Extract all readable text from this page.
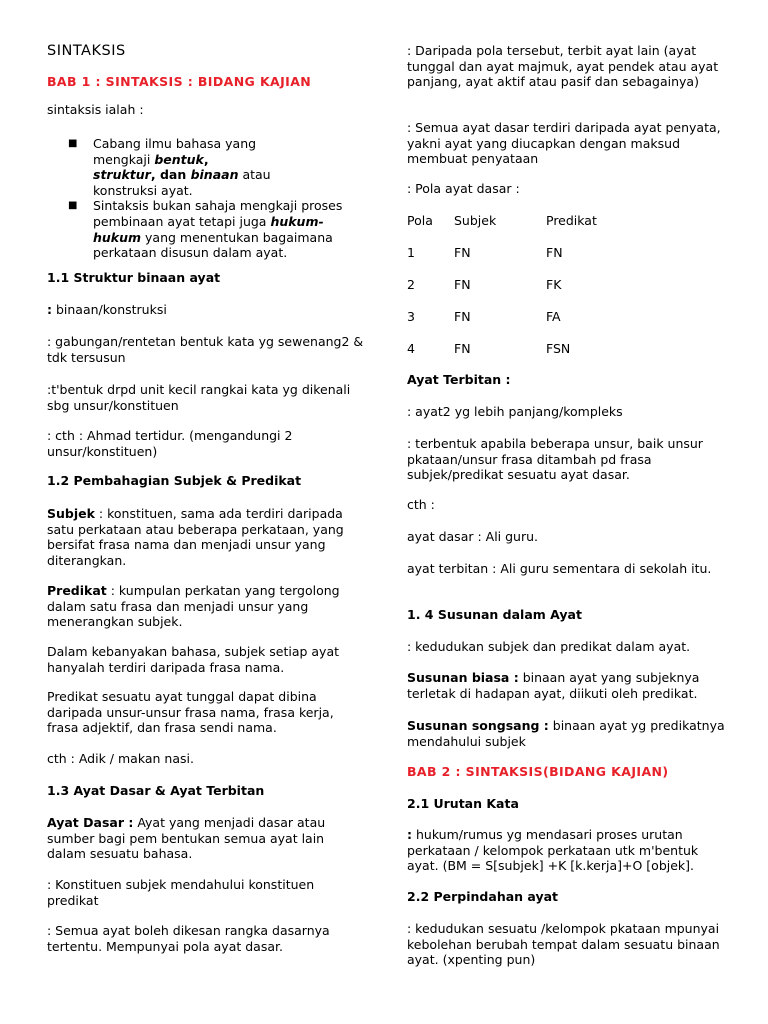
SINTAKSIS

BAB 1 : SINTAKSIS : BIDANG KAJIAN

sintaksis ialah :

■ Cabang ilmu bahasa yang mengkaji bentuk,
struktur, dan binaan atau konstruksi ayat.
■ Sintaksis bukan sahaja mengkaji proses pembinaan ayat tetapi juga hukum-hukum yang menentukan bagaimana perkataan disusun dalam ayat.

1.1 Struktur binaan ayat

: binaan/konstruksi

: gabungan/rentetan bentuk kata yg sewenang2 & tdk tersusun

:t'bentuk drpd unit kecil rangkai kata yg dikenali sbg unsur/konstituen

: cth : Ahmad tertidur. (mengandungi 2 unsur/konstituen)

1.2 Pembahagian Subjek & Predikat

Subjek : konstituen, sama ada terdiri daripada satu perkataan atau beberapa perkataan, yang bersifat frasa nama dan menjadi unsur yang diterangkan.

Predikat : kumpulan perkatan yang tergolong dalam satu frasa dan menjadi unsur yang menerangkan subjek.

Dalam kebanyakan bahasa, subjek setiap ayat hanyalah terdiri daripada frasa nama.

Predikat sesuatu ayat tunggal dapat dibina daripada unsur-unsur frasa nama, frasa kerja, frasa adjektif, dan frasa sendi nama.

cth : Adik / makan nasi.

1.3 Ayat Dasar & Ayat Terbitan

Ayat Dasar : Ayat yang menjadi dasar atau sumber bagi pem bentukan semua ayat lain dalam sesuatu bahasa.

: Konstituen subjek mendahului konstituen predikat

: Semua ayat boleh dikesan rangka dasarnya tertentu. Mempunyai pola ayat dasar.

: Daripada pola tersebut, terbit ayat lain (ayat tunggal dan ayat majmuk, ayat pendek atau ayat panjang, ayat aktif atau pasif dan sebagainya)

: Semua ayat dasar terdiri daripada ayat penyata, yakni ayat yang diucapkan dengan maksud membuat penyataan

: Pola ayat dasar :

Pola Subjek	Predikat
1	FN	FN
2	FN	FK
3	FN	FA
4	FN	FSN

Ayat Terbitan :

: ayat2 yg lebih panjang/kompleks

: terbentuk apabila beberapa unsur, baik unsur pkataan/unsur frasa ditambah pd frasa subjek/predikat sesuatu ayat dasar.

cth :

ayat dasar : Ali guru.

ayat terbitan : Ali guru sementara di sekolah itu.

1. 4 Susunan dalam Ayat

: kedudukan subjek dan predikat dalam ayat.

Susunan biasa : binaan ayat yang subjeknya terletak di hadapan ayat, diikuti oleh predikat.

Susunan songsang : binaan ayat yg predikatnya mendahului subjek

BAB 2 : SINTAKSIS(BIDANG KAJIAN)

2.1 Urutan Kata

: hukum/rumus yg mendasari proses urutan perkataan / kelompok perkataan utk m'bentuk ayat. (BM = S[subjek] +K [k.kerja]+O [objek].

2.2 Perpindahan ayat

: kedudukan sesuatu /kelompok pkataan mpunyai kebolehan berubah tempat dalam sesuatu binaan ayat. (xpenting pun)
